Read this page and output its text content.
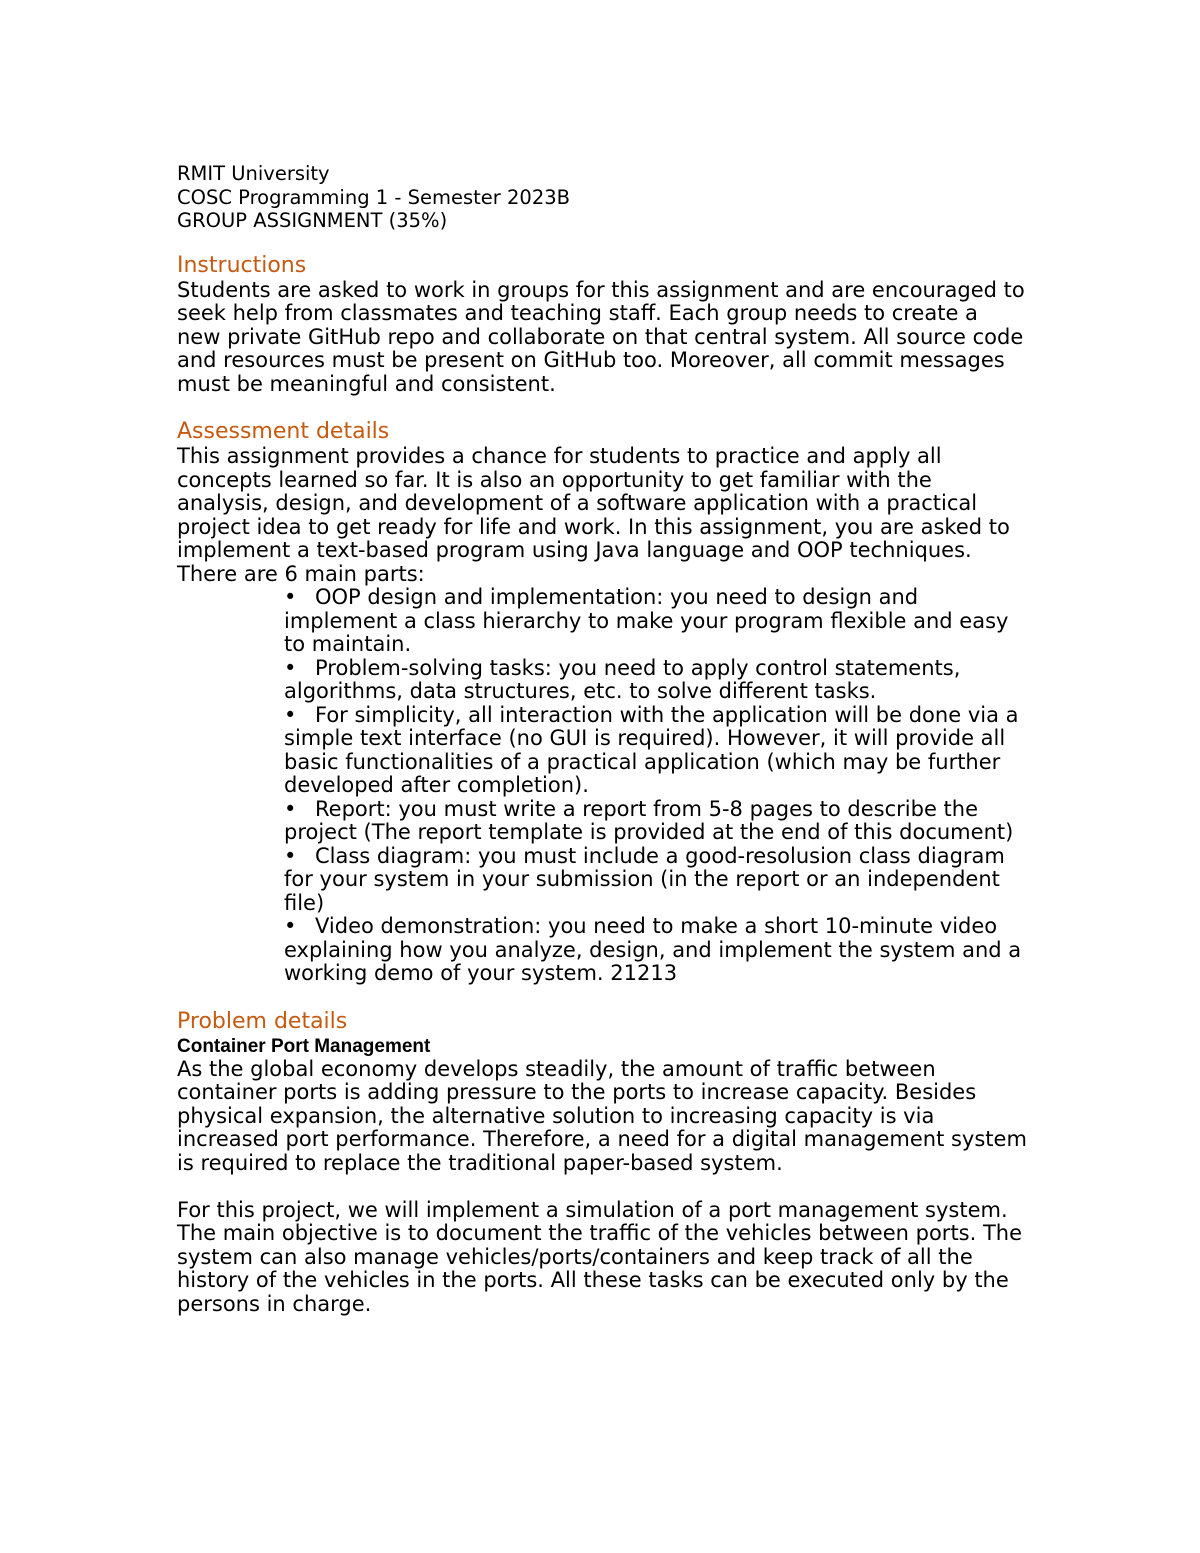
RMIT University
COSC Programming 1 - Semester 2023B
GROUP ASSIGNMENT (35%)
Instructions

Students are asked to work in groups for this assignment and are encouraged to seek help from classmates and teaching staff. Each group needs to create a new private GitHub repo and collaborate on that central system. All source code and resources must be present on GitHub too. Moreover, all commit messages must be meaningful and consistent.

Assessment details

This assignment provides a chance for students to practice and apply all concepts learned so far. It is also an opportunity to get familiar with the analysis, design, and development of a software application with a practical project idea to get ready for life and work. In this assignment, you are asked to implement a text-based program using Java language and OOP techniques. There are 6 main parts:

• OOP design and implementation: you need to design and implement a class hierarchy to make your program flexible and easy to maintain.
• Problem-solving tasks: you need to apply control statements, algorithms, data structures, etc. to solve different tasks.
• For simplicity, all interaction with the application will be done via a simple text interface (no GUI is required). However, it will provide all basic functionalities of a practical application (which may be further developed after completion).
• Report: you must write a report from 5-8 pages to describe the project (The report template is provided at the end of this document)
• Class diagram: you must include a good-resolusion class diagram for your system in your submission (in the report or an independent file)
• Video demonstration: you need to make a short 10-minute video explaining how you analyze, design, and implement the system and a working demo of your system. 21213
Problem details

Container Port Management

As the global economy develops steadily, the amount of traffic between container ports is adding pressure to the ports to increase capacity. Besides physical expansion, the alternative solution to increasing capacity is via increased port performance. Therefore, a need for a digital management system is required to replace the traditional paper-based system.

For this project, we will implement a simulation of a port management system. The main objective is to document the traffic of the vehicles between ports. The system can also manage vehicles/ports/containers and keep track of all the history of the vehicles in the ports. All these tasks can be executed only by the persons in charge.
